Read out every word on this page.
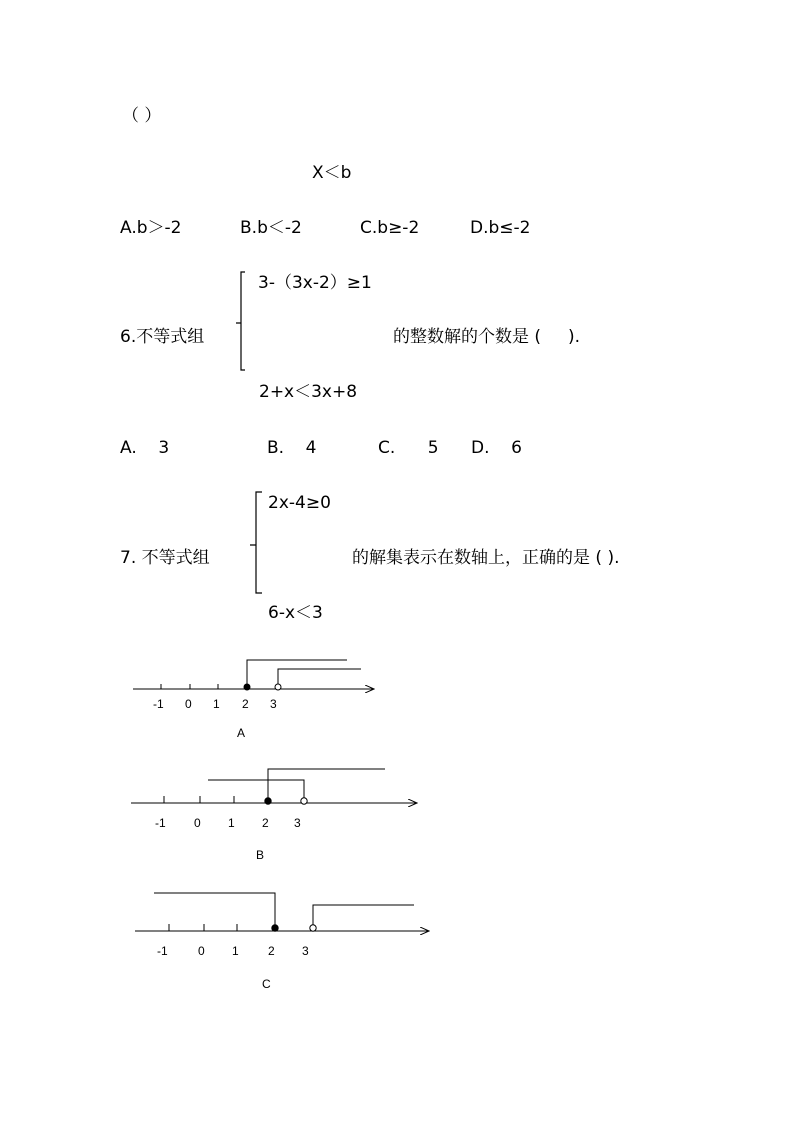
（ ）
X＜b
A.b＞-2	B.b＜-2	C.b≥-2	D.b≤-2
3-（3x-2）≥1
6.不等式组	的整数解的个数是 (     ).
2+x＜3x+8
A.    3	B.    4	C.      5 D.    6
2x-4≥0
7. 不等式组	的解集表示在数轴上，正确的是 ( ).
6-x＜3
-1 0 1 2 3
A
-1 0 1 2 3
B
-1	0 1 2 3
C
